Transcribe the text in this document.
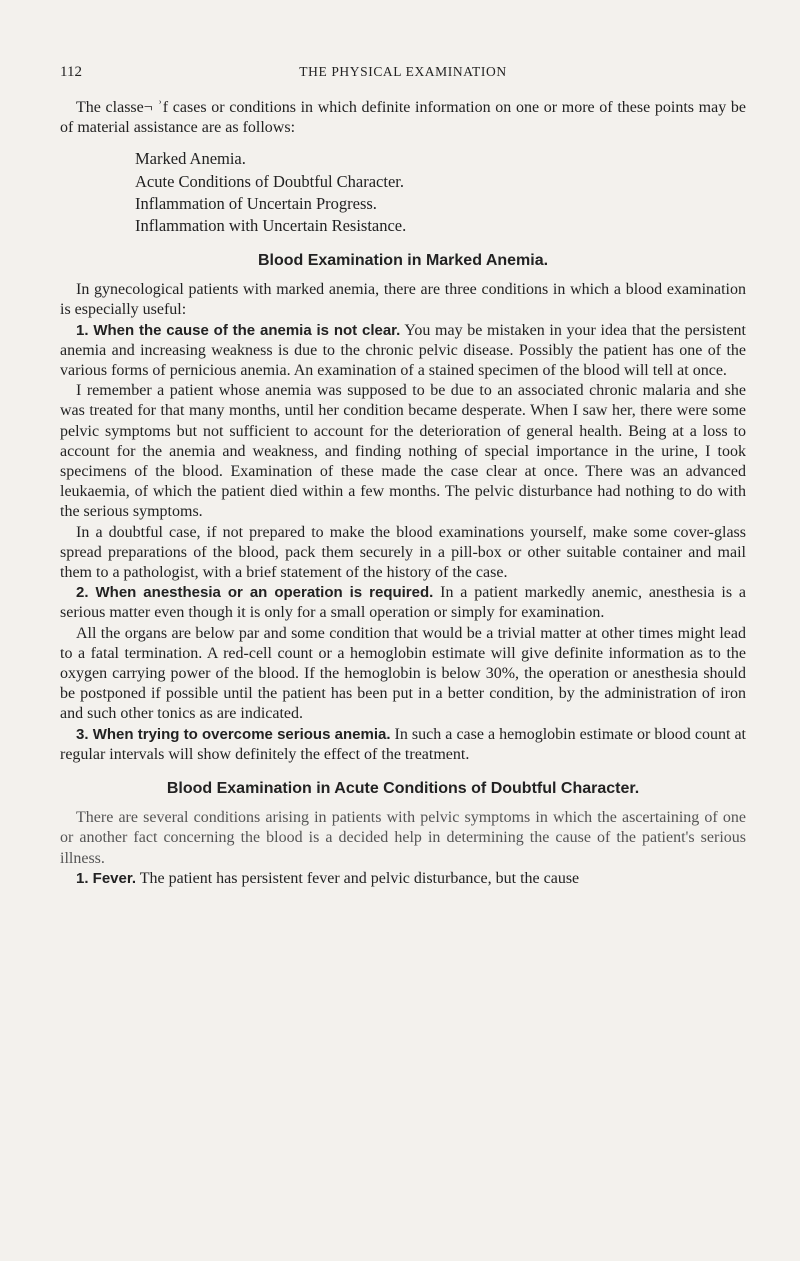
112	THE PHYSICAL EXAMINATION

The classe¬ ʾf cases or conditions in which definite information on one or more of these points may be of material assistance are as follows:

Marked Anemia.
Acute Conditions of Doubtful Character.
Inflammation of Uncertain Progress.
Inflammation with Uncertain Resistance.
Blood Examination in Marked Anemia.

In gynecological patients with marked anemia, there are three conditions in which a blood examination is especially useful:

1. When the cause of the anemia is not clear. You may be mistaken in your idea that the persistent anemia and increasing weakness is due to the chronic pelvic disease. Possibly the patient has one of the various forms of pernicious anemia. An examination of a stained specimen of the blood will tell at once.

I remember a patient whose anemia was supposed to be due to an associated chronic malaria and she was treated for that many months, until her condition became desperate. When I saw her, there were some pelvic symptoms but not sufficient to account for the deterioration of general health. Being at a loss to account for the anemia and weakness, and finding nothing of special importance in the urine, I took specimens of the blood. Examination of these made the case clear at once. There was an advanced leukaemia, of which the patient died within a few months. The pelvic disturbance had nothing to do with the serious symptoms.

In a doubtful case, if not prepared to make the blood examinations yourself, make some cover-glass spread preparations of the blood, pack them securely in a pill-box or other suitable container and mail them to a pathologist, with a brief statement of the history of the case.

2. When anesthesia or an operation is required. In a patient markedly anemic, anesthesia is a serious matter even though it is only for a small operation or simply for examination.

All the organs are below par and some condition that would be a trivial matter at other times might lead to a fatal termination. A red-cell count or a hemoglobin estimate will give definite information as to the oxygen carrying power of the blood. If the hemoglobin is below 30%, the operation or anesthesia should be postponed if possible until the patient has been put in a better condition, by the administration of iron and such other tonics as are indicated.

3. When trying to overcome serious anemia. In such a case a hemoglobin estimate or blood count at regular intervals will show definitely the effect of the treatment.

Blood Examination in Acute Conditions of Doubtful Character.

There are several conditions arising in patients with pelvic symptoms in which the ascertaining of one or another fact concerning the blood is a decided help in determining the cause of the patient's serious illness.

1. Fever. The patient has persistent fever and pelvic disturbance, but the cause
